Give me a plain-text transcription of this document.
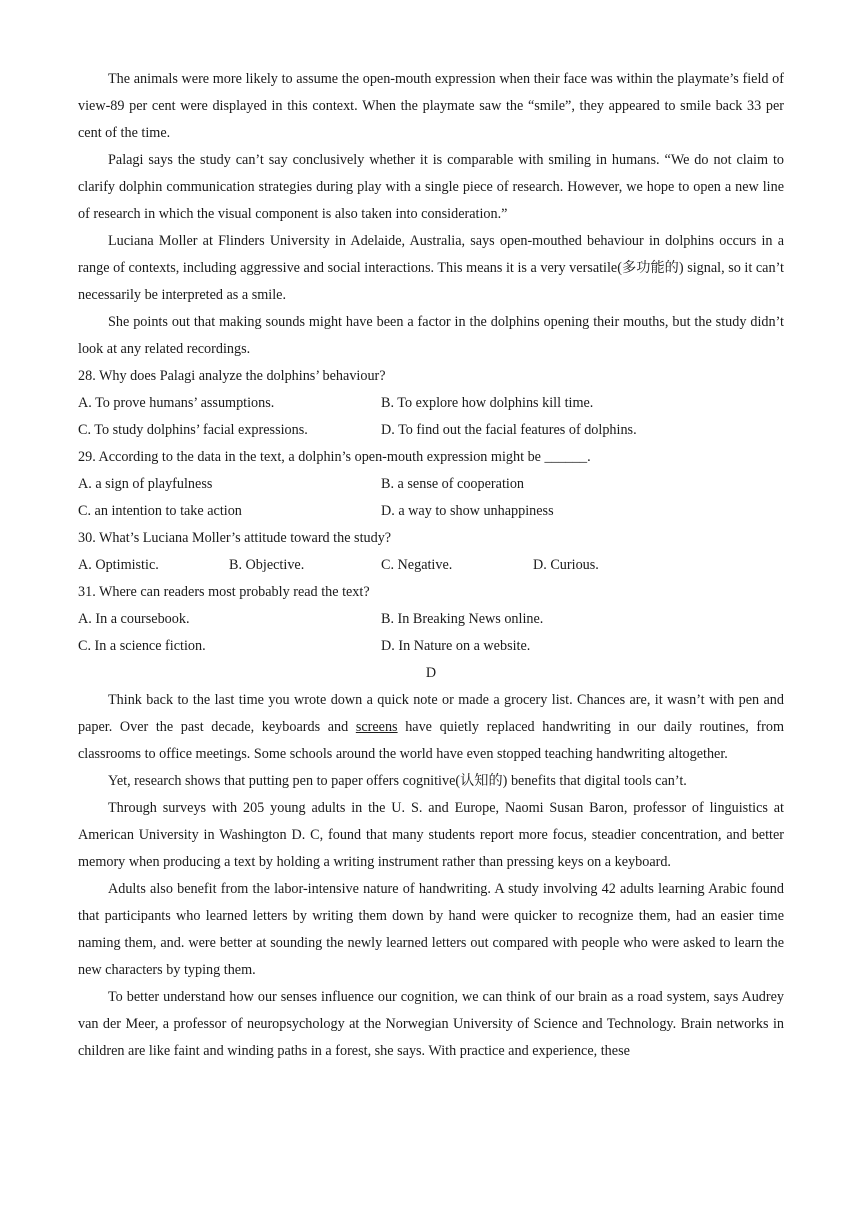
The animals were more likely to assume the open-mouth expression when their face was within the playmate’s field of view-89 per cent were displayed in this context. When the playmate saw the “smile”, they appeared to smile back 33 per cent of the time.

Palagi says the study can’t say conclusively whether it is comparable with smiling in humans. “We do not claim to clarify dolphin communication strategies during play with a single piece of research. However, we hope to open a new line of research in which the visual component is also taken into consideration.”

Luciana Moller at Flinders University in Adelaide, Australia, says open-mouthed behaviour in dolphins occurs in a range of contexts, including aggressive and social interactions. This means it is a very versatile(多功能的) signal, so it can’t necessarily be interpreted as a smile.

She points out that making sounds might have been a factor in the dolphins opening their mouths, but the study didn’t look at any related recordings.

28. Why does Palagi analyze the dolphins’ behaviour?

A. To prove humans’ assumptions.	B. To explore how dolphins kill time.
C. To study dolphins’ facial expressions.	D. To find out the facial features of dolphins.

29. According to the data in the text, a dolphin’s open-mouth expression might be ______.

A. a sign of playfulness	B. a sense of cooperation
C. an intention to take action	D. a way to show unhappiness

30. What’s Luciana Moller’s attitude toward the study?

A. Optimistic.	B. Objective.	C. Negative.	D. Curious.

31. Where can readers most probably read the text?

A. In a coursebook.	B. In Breaking News online.
C. In a science fiction.	D. In Nature on a website.

D

Think back to the last time you wrote down a quick note or made a grocery list. Chances are, it wasn’t with pen and paper. Over the past decade, keyboards and screens have quietly replaced handwriting in our daily routines, from classrooms to office meetings. Some schools around the world have even stopped teaching handwriting altogether.

Yet, research shows that putting pen to paper offers cognitive(认知的) benefits that digital tools can’t.

Through surveys with 205 young adults in the U. S. and Europe, Naomi Susan Baron, professor of linguistics at American University in Washington D. C, found that many students report more focus, steadier concentration, and better memory when producing a text by holding a writing instrument rather than pressing keys on a keyboard.

Adults also benefit from the labor-intensive nature of handwriting. A study involving 42 adults learning Arabic found that participants who learned letters by writing them down by hand were quicker to recognize them, had an easier time naming them, and. were better at sounding the newly learned letters out compared with people who were asked to learn the new characters by typing them.

To better understand how our senses influence our cognition, we can think of our brain as a road system, says Audrey van der Meer, a professor of neuropsychology at the Norwegian University of Science and Technology. Brain networks in children are like faint and winding paths in a forest, she says. With practice and experience, these
